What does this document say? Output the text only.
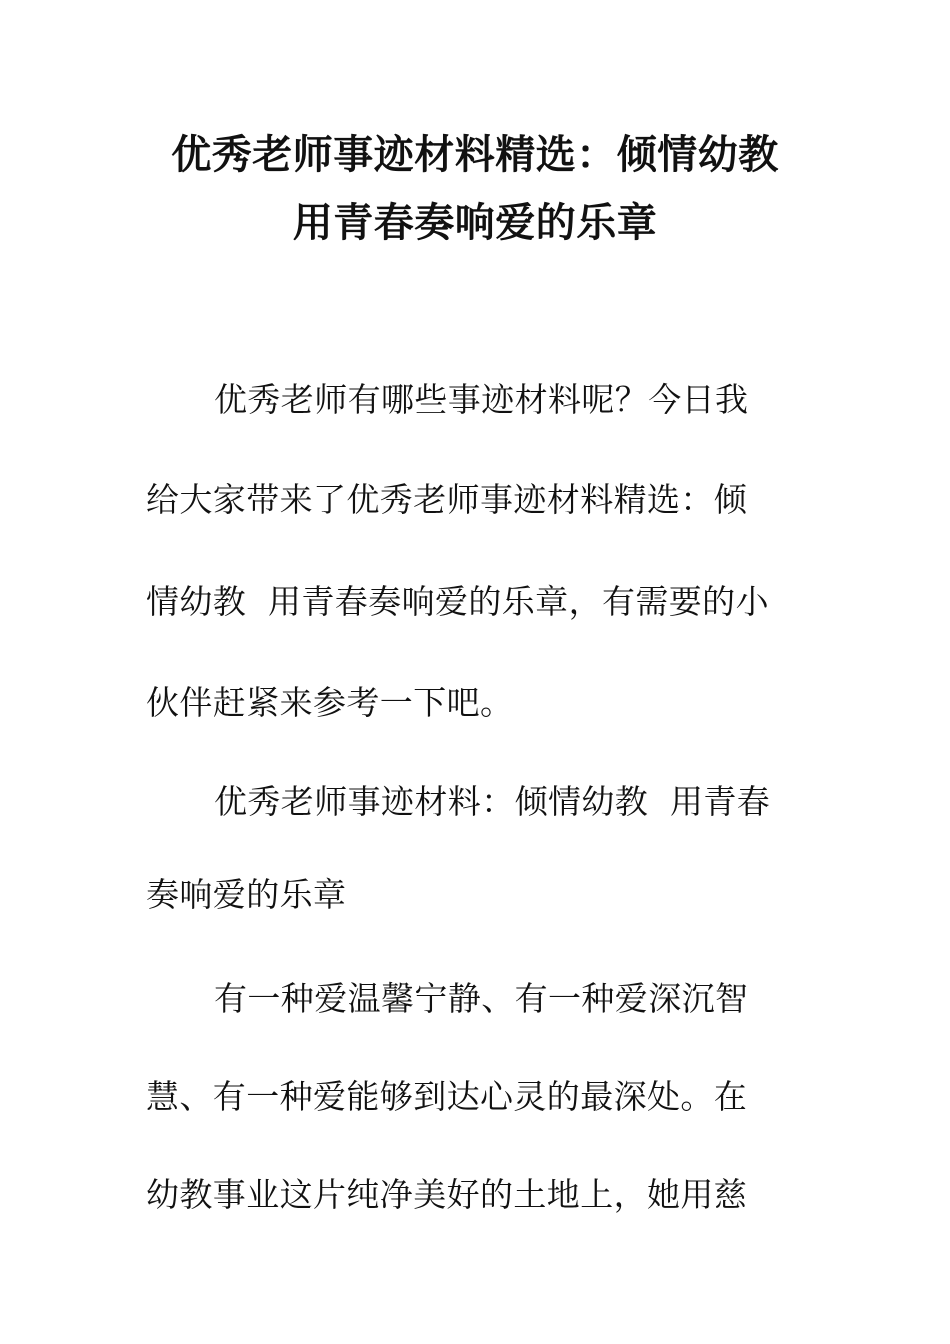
优秀老师事迹材料精选：倾情幼教
用青春奏响爱的乐章
优秀老师有哪些事迹材料呢？今日我
给大家带来了优秀老师事迹材料精选：倾
情幼教  用青春奏响爱的乐章，有需要的小
伙伴赶紧来参考一下吧。
优秀老师事迹材料：倾情幼教  用青春
奏响爱的乐章
有一种爱温馨宁静、有一种爱深沉智
慧、有一种爱能够到达心灵的最深处。在
幼教事业这片纯净美好的土地上，她用慈
